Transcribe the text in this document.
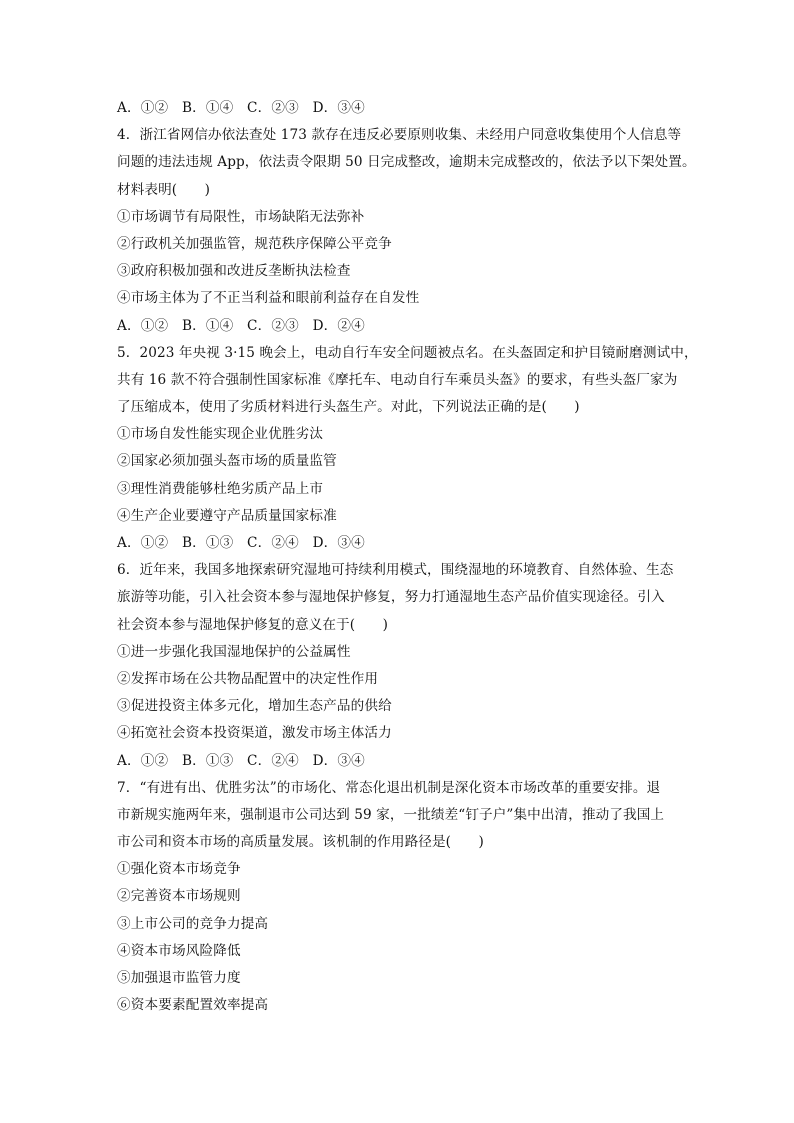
A．①②　B．①④　C．②③　D．③④
4．浙江省网信办依法查处 173 款存在违反必要原则收集、未经用户同意收集使用个人信息等
问题的违法违规 App，依法责令限期 50 日完成整改，逾期未完成整改的，依法予以下架处置。
材料表明(　　)
①市场调节有局限性，市场缺陷无法弥补
②行政机关加强监管，规范秩序保障公平竞争
③政府积极加强和改进反垄断执法检查
④市场主体为了不正当利益和眼前利益存在自发性
A．①②　B．①④　C．②③　D．②④
5．2023 年央视 3·15 晚会上，电动自行车安全问题被点名。在头盔固定和护目镜耐磨测试中，
共有 16 款不符合强制性国家标准《摩托车、电动自行车乘员头盔》的要求，有些头盔厂家为
了压缩成本，使用了劣质材料进行头盔生产。对此，下列说法正确的是(　　)
①市场自发性能实现企业优胜劣汰
②国家必须加强头盔市场的质量监管
③理性消费能够杜绝劣质产品上市
④生产企业要遵守产品质量国家标准
A．①②　B．①③　C．②④　D．③④
6．近年来，我国多地探索研究湿地可持续利用模式，围绕湿地的环境教育、自然体验、生态
旅游等功能，引入社会资本参与湿地保护修复，努力打通湿地生态产品价值实现途径。引入
社会资本参与湿地保护修复的意义在于(　　)
①进一步强化我国湿地保护的公益属性
②发挥市场在公共物品配置中的决定性作用
③促进投资主体多元化，增加生态产品的供给
④拓宽社会资本投资渠道，激发市场主体活力
A．①②　B．①③　C．②④　D．③④
7．“有进有出、优胜劣汰”的市场化、常态化退出机制是深化资本市场改革的重要安排。退
市新规实施两年来，强制退市公司达到 59 家，一批绩差“钉子户”集中出清，推动了我国上
市公司和资本市场的高质量发展。该机制的作用路径是(　　)
①强化资本市场竞争
②完善资本市场规则
③上市公司的竞争力提高
④资本市场风险降低
⑤加强退市监管力度
⑥资本要素配置效率提高
